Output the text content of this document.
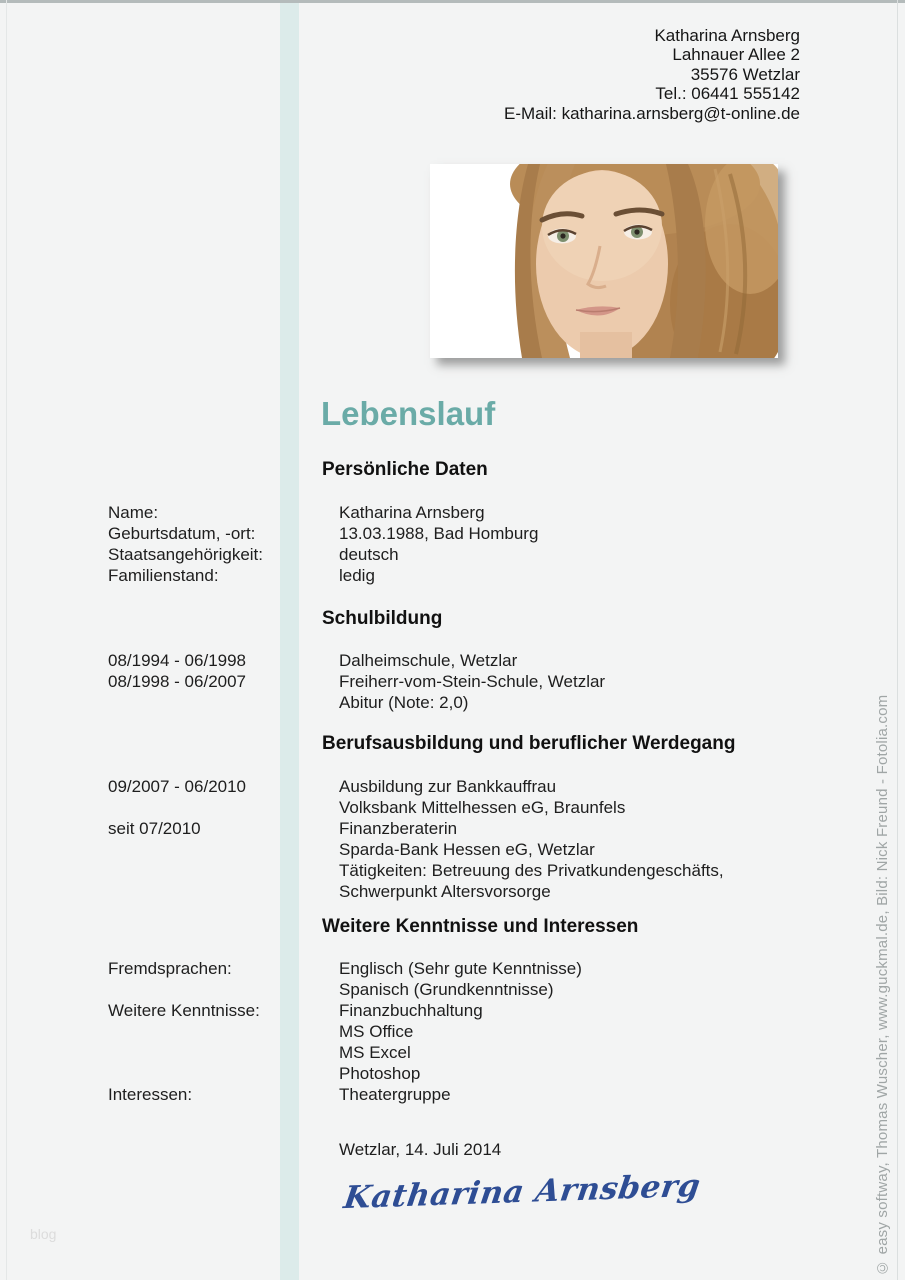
Katharina Arnsberg
Lahnauer Allee 2
35576 Wetzlar
Tel.: 06441 555142
E-Mail: katharina.arnsberg@t-online.de
Lebenslauf
Persönliche Daten
Name:	Katharina Arnsberg
Geburtsdatum, -ort:	13.03.1988, Bad Homburg
Staatsangehörigkeit:	deutsch
Familienstand:	ledig
Schulbildung
08/1994 - 06/1998	Dalheimschule, Wetzlar
08/1998 - 06/2007	Freiherr-vom-Stein-Schule, Wetzlar
Abitur (Note: 2,0)
Berufsausbildung und beruflicher Werdegang
09/2007 - 06/2010	Ausbildung zur Bankkauffrau
Volksbank Mittelhessen eG, Braunfels
seit 07/2010	Finanzberaterin
Sparda-Bank Hessen eG, Wetzlar
Tätigkeiten: Betreuung des Privatkundengeschäfts,
Schwerpunkt Altersvorsorge
Weitere Kenntnisse und Interessen
Fremdsprachen:	Englisch (Sehr gute Kenntnisse)
Spanisch (Grundkenntnisse)
Weitere Kenntnisse:	Finanzbuchhaltung
MS Office
MS Excel
Photoshop
Interessen:	Theatergruppe
Wetzlar, 14. Juli 2014
Katharina Arnsberg	© easy softway, Thomas Wuscher, www.guckmal.de, Bild: Nick Freund - Fotolia.com
blog
